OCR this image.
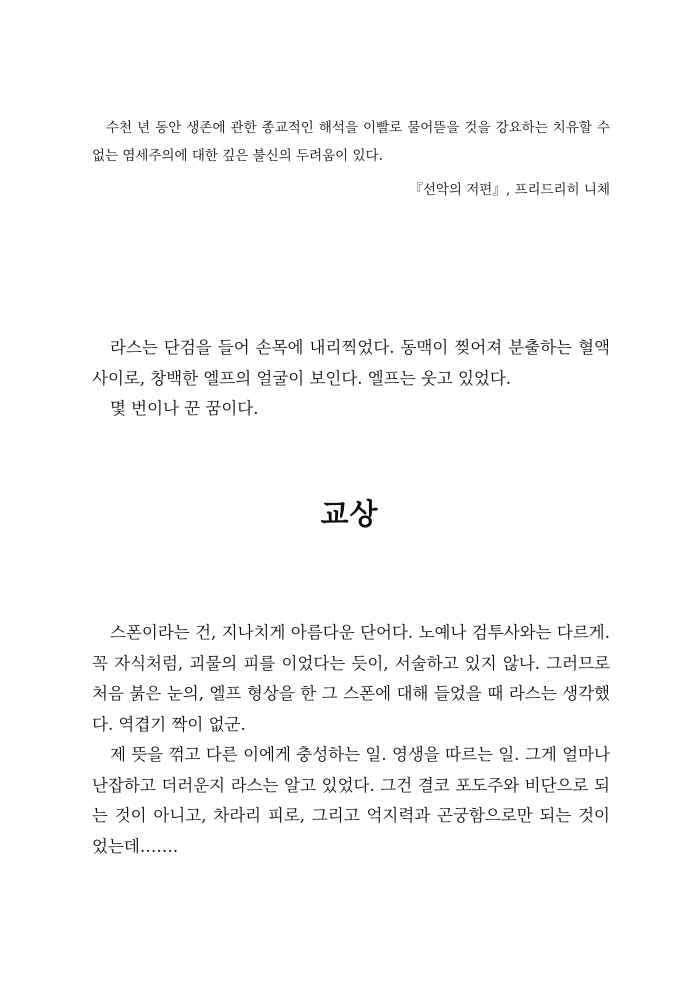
수천 년 동안 생존에 관한 종교적인 해석을 이빨로 물어뜯을 것을 강요하는 치유할 수 없는 염세주의에 대한 깊은 불신의 두려움이 있다.

『선악의 저편』, 프리드리히 니체

라스는 단검을 들어 손목에 내리찍었다. 동맥이 찢어져 분출하는 혈액 사이로, 창백한 엘프의 얼굴이 보인다. 엘프는 웃고 있었다.

몇 번이나 꾼 꿈이다.

교상

스폰이라는 건, 지나치게 아름다운 단어다. 노예나 검투사와는 다르게. 꼭 자식처럼, 괴물의 피를 이었다는 듯이, 서술하고 있지 않나. 그러므로 처음 붉은 눈의, 엘프 형상을 한 그 스폰에 대해 들었을 때 라스는 생각했다. 역겹기 짝이 없군.

제 뜻을 꺾고 다른 이에게 충성하는 일. 영생을 따르는 일. 그게 얼마나 난잡하고 더러운지 라스는 알고 있었다. 그건 결코 포도주와 비단으로 되는 것이 아니고, 차라리 피로, 그리고 억지력과 곤궁함으로만 되는 것이었는데…….
